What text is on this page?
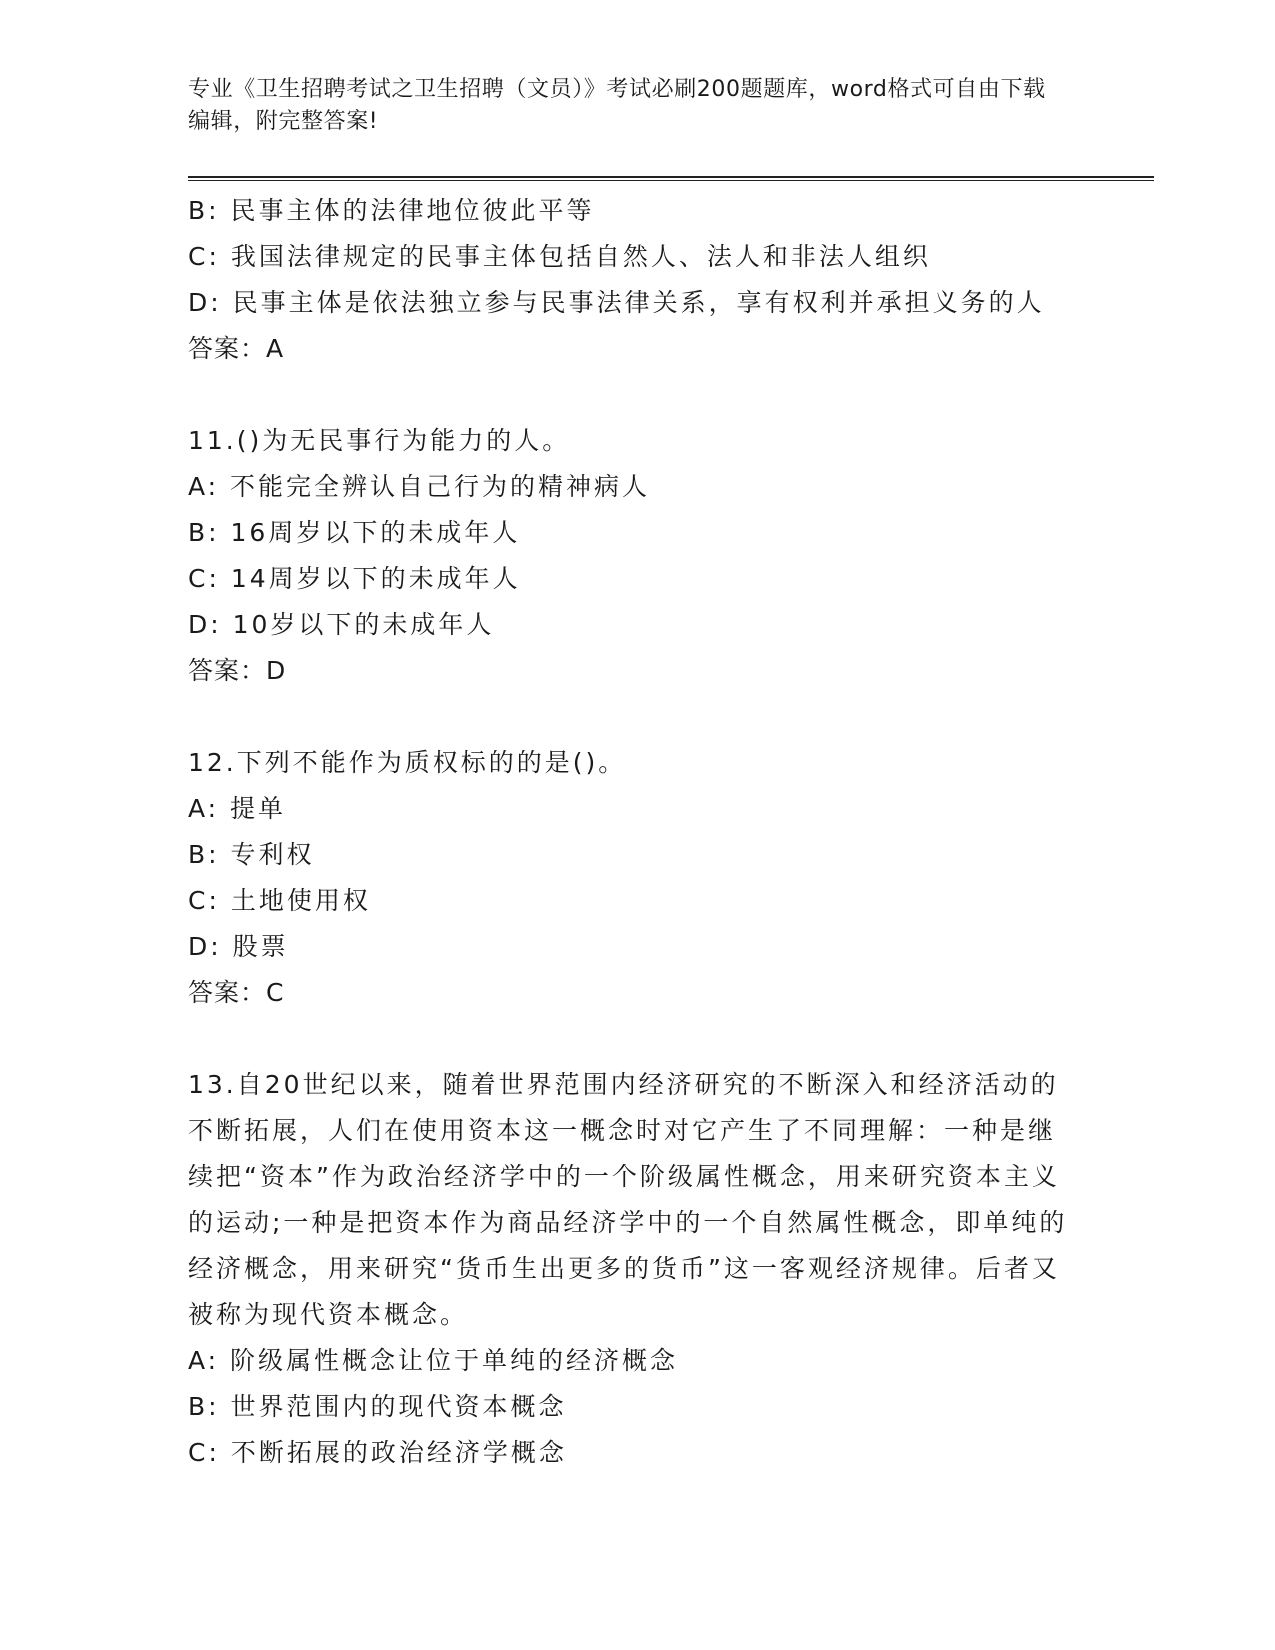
专业《卫生招聘考试之卫生招聘（文员）》考试必刷200题题库，word格式可自由下载编辑，附完整答案!
B: 民事主体的法律地位彼此平等
C: 我国法律规定的民事主体包括自然人、法人和非法人组织
D: 民事主体是依法独立参与民事法律关系，享有权利并承担义务的人
答案：A
11.()为无民事行为能力的人。
A: 不能完全辨认自己行为的精神病人
B: 16周岁以下的未成年人
C: 14周岁以下的未成年人
D: 10岁以下的未成年人
答案：D
12.下列不能作为质权标的的是()。
A: 提单
B: 专利权
C: 土地使用权
D: 股票
答案：C
13.自20世纪以来，随着世界范围内经济研究的不断深入和经济活动的不断拓展，人们在使用资本这一概念时对它产生了不同理解：一种是继续把“资本”作为政治经济学中的一个阶级属性概念，用来研究资本主义的运动;一种是把资本作为商品经济学中的一个自然属性概念，即单纯的经济概念，用来研究“货币生出更多的货币”这一客观经济规律。后者又被称为现代资本概念。
A: 阶级属性概念让位于单纯的经济概念
B: 世界范围内的现代资本概念
C: 不断拓展的政治经济学概念
